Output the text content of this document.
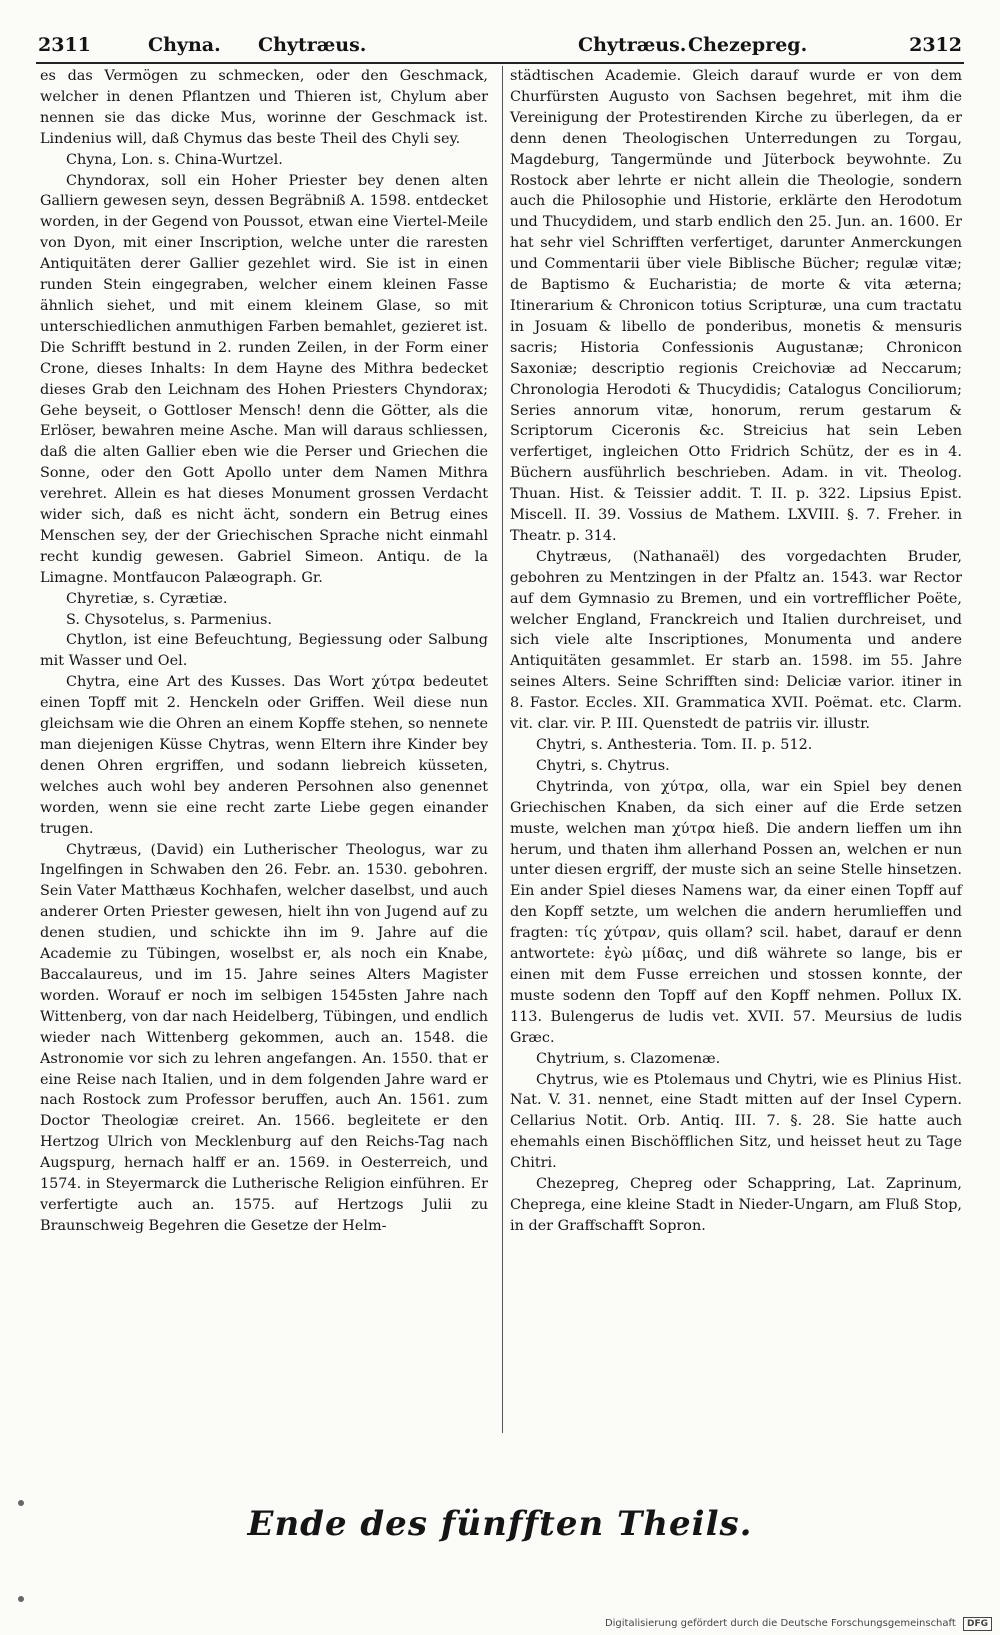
2311	Chyna. Chytræus.	Chytræus. Chezepreg.	2312

es das Vermögen zu schmecken, oder den Geschmack, welcher in denen Pflantzen und Thieren ist, Chylum aber nennen sie das dicke Mus, worinne der Geschmack ist. Lindenius will, daß Chymus das beste Theil des Chyli sey.

Chyna, Lon. s. China-Wurtzel.

Chyndorax, soll ein Hoher Priester bey denen alten Galliern gewesen seyn, dessen Begräbniß A. 1598. entdecket worden, in der Gegend von Poussot, etwan eine Viertel-Meile von Dyon, mit einer Inscription, welche unter die raresten Antiquitäten derer Gallier gezehlet wird. Sie ist in einen runden Stein eingegraben, welcher einem kleinen Fasse ähnlich siehet, und mit einem kleinem Glase, so mit unterschiedlichen anmuthigen Farben bemahlet, gezieret ist. Die Schrifft bestund in 2. runden Zeilen, in der Form einer Crone, dieses Inhalts: In dem Hayne des Mithra bedecket dieses Grab den Leichnam des Hohen Priesters Chyndorax; Gehe beyseit, o Gottloser Mensch! denn die Götter, als die Erlöser, bewahren meine Asche. Man will daraus schliessen, daß die alten Gallier eben wie die Perser und Griechen die Sonne, oder den Gott Apollo unter dem Namen Mithra verehret. Allein es hat dieses Monument grossen Verdacht wider sich, daß es nicht ächt, sondern ein Betrug eines Menschen sey, der der Griechischen Sprache nicht einmahl recht kundig gewesen. Gabriel Simeon. Antiqu. de la Limagne. Montfaucon Palæograph. Gr.

Chyretiæ, s. Cyrætiæ.

S. Chysotelus, s. Parmenius.

Chytlon, ist eine Befeuchtung, Begiessung oder Salbung mit Wasser und Oel.

Chytra, eine Art des Kusses. Das Wort χύτρα bedeutet einen Topff mit 2. Henckeln oder Griffen. Weil diese nun gleichsam wie die Ohren an einem Kopffe stehen, so nennete man diejenigen Küsse Chytras, wenn Eltern ihre Kinder bey denen Ohren ergriffen, und sodann liebreich küsseten, welches auch wohl bey anderen Persohnen also genennet worden, wenn sie eine recht zarte Liebe gegen einander trugen.

Chytræus, (David) ein Lutherischer Theologus, war zu Ingelfingen in Schwaben den 26. Febr. an. 1530. gebohren. Sein Vater Matthæus Kochhafen, welcher daselbst, und auch anderer Orten Priester gewesen, hielt ihn von Jugend auf zu denen studien, und schickte ihn im 9. Jahre auf die Academie zu Tübingen, woselbst er, als noch ein Knabe, Baccalaureus, und im 15. Jahre seines Alters Magister worden. Worauf er noch im selbigen 1545sten Jahre nach Wittenberg, von dar nach Heidelberg, Tübingen, und endlich wieder nach Wittenberg gekommen, auch an. 1548. die Astronomie vor sich zu lehren angefangen. An. 1550. that er eine Reise nach Italien, und in dem folgenden Jahre ward er nach Rostock zum Professor beruffen, auch An. 1561. zum Doctor Theologiæ creiret. An. 1566. begleitete er den Hertzog Ulrich von Mecklenburg auf den Reichs-Tag nach Augspurg, hernach halff er an. 1569. in Oesterreich, und 1574. in Steyermarck die Lutherische Religion einführen. Er verfertigte auch an. 1575. auf Hertzogs Julii zu Braunschweig Begehren die Gesetze der Helm-

städtischen Academie. Gleich darauf wurde er von dem Churfürsten Augusto von Sachsen begehret, mit ihm die Vereinigung der Protestirenden Kirche zu überlegen, da er denn denen Theologischen Unterredungen zu Torgau, Magdeburg, Tangermünde und Jüterbock beywohnte. Zu Rostock aber lehrte er nicht allein die Theologie, sondern auch die Philosophie und Historie, erklärte den Herodotum und Thucydidem, und starb endlich den 25. Jun. an. 1600. Er hat sehr viel Schrifften verfertiget, darunter Anmerckungen und Commentarii über viele Biblische Bücher; regulæ vitæ; de Baptismo & Eucharistia; de morte & vita æterna; Itinerarium & Chronicon totius Scripturæ, una cum tractatu in Josuam & libello de ponderibus, monetis & mensuris sacris; Historia Confessionis Augustanæ; Chronicon Saxoniæ; descriptio regionis Creichoviæ ad Neccarum; Chronologia Herodoti & Thucydidis; Catalogus Conciliorum; Series annorum vitæ, honorum, rerum gestarum & Scriptorum Ciceronis &c. Streicius hat sein Leben verfertiget, ingleichen Otto Fridrich Schütz, der es in 4. Büchern ausführlich beschrieben. Adam. in vit. Theolog. Thuan. Hist. & Teissier addit. T. II. p. 322. Lipsius Epist. Miscell. II. 39. Vossius de Mathem. LXVIII. §. 7. Freher. in Theatr. p. 314.

Chytræus, (Nathanaël) des vorgedachten Bruder, gebohren zu Mentzingen in der Pfaltz an. 1543. war Rector auf dem Gymnasio zu Bremen, und ein vortrefflicher Poëte, welcher England, Franckreich und Italien durchreiset, und sich viele alte Inscriptiones, Monumenta und andere Antiquitäten gesammlet. Er starb an. 1598. im 55. Jahre seines Alters. Seine Schrifften sind: Deliciæ varior. itiner in 8. Fastor. Eccles. XII. Grammatica XVII. Poëmat. etc. Clarm. vit. clar. vir. P. III. Quenstedt de patriis vir. illustr.

Chytri, s. Anthesteria. Tom. II. p. 512.

Chytri, s. Chytrus.

Chytrinda, von χύτρα, olla, war ein Spiel bey denen Griechischen Knaben, da sich einer auf die Erde setzen muste, welchen man χύτρα hieß. Die andern lieffen um ihn herum, und thaten ihm allerhand Possen an, welchen er nun unter diesen ergriff, der muste sich an seine Stelle hinsetzen. Ein ander Spiel dieses Namens war, da einer einen Topff auf den Kopff setzte, um welchen die andern herumlieffen und fragten: τίς χύτραν, quis ollam? scil. habet, darauf er denn antwortete: ἐγὼ μίδας, und diß währete so lange, bis er einen mit dem Fusse erreichen und stossen konnte, der muste sodenn den Topff auf den Kopff nehmen. Pollux IX. 113. Bulengerus de ludis vet. XVII. 57. Meursius de ludis Græc.

Chytrium, s. Clazomenæ.

Chytrus, wie es Ptolemaus und Chytri, wie es Plinius Hist. Nat. V. 31. nennet, eine Stadt mitten auf der Insel Cypern. Cellarius Notit. Orb. Antiq. III. 7. §. 28. Sie hatte auch ehemahls einen Bischöfflichen Sitz, und heisset heut zu Tage Chitri.

Chezepreg, Chepreg oder Schappring, Lat. Zaprinum, Cheprega, eine kleine Stadt in Nieder-Ungarn, am Fluß Stop, in der Graffschafft Sopron.

Ende des fünfften Theils.
Digitalisierung gefördert durch die Deutsche Forschungsgemeinschaft DFG
